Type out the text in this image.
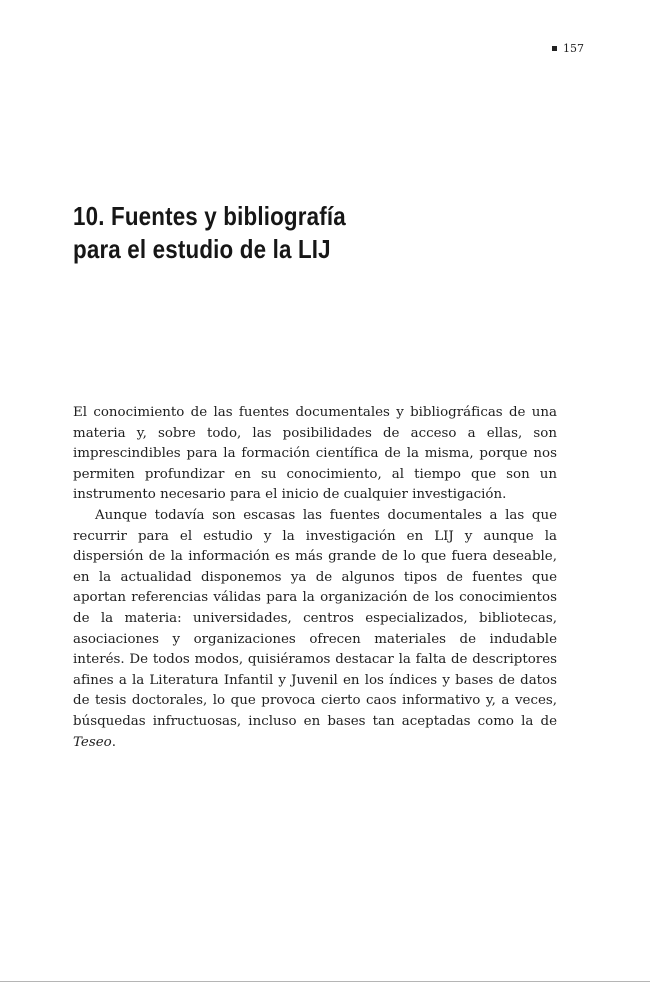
157
10. Fuentes y bibliografía
para el estudio de la LIJ

El conocimiento de las fuentes documentales y bibliográficas de una materia y, sobre todo, las posibilidades de acceso a ellas, son imprescindibles para la formación científica de la misma, porque nos permiten profundizar en su conocimiento, al tiempo que son un instrumento necesario para el inicio de cualquier investigación.

Aunque todavía son escasas las fuentes documentales a las que recurrir para el estudio y la investigación en LIJ y aunque la dispersión de la información es más grande de lo que fuera deseable, en la actualidad disponemos ya de algunos tipos de fuentes que aportan referencias válidas para la organización de los conocimientos de la materia: universidades, centros especializados, bibliotecas, asociaciones y organizaciones ofrecen materiales de indudable interés. De todos modos, quisiéramos destacar la falta de descriptores afines a la Literatura Infantil y Juvenil en los índices y bases de datos de tesis doctorales, lo que provoca cierto caos informativo y, a veces, búsquedas infructuosas, incluso en bases tan aceptadas como la de Teseo.
